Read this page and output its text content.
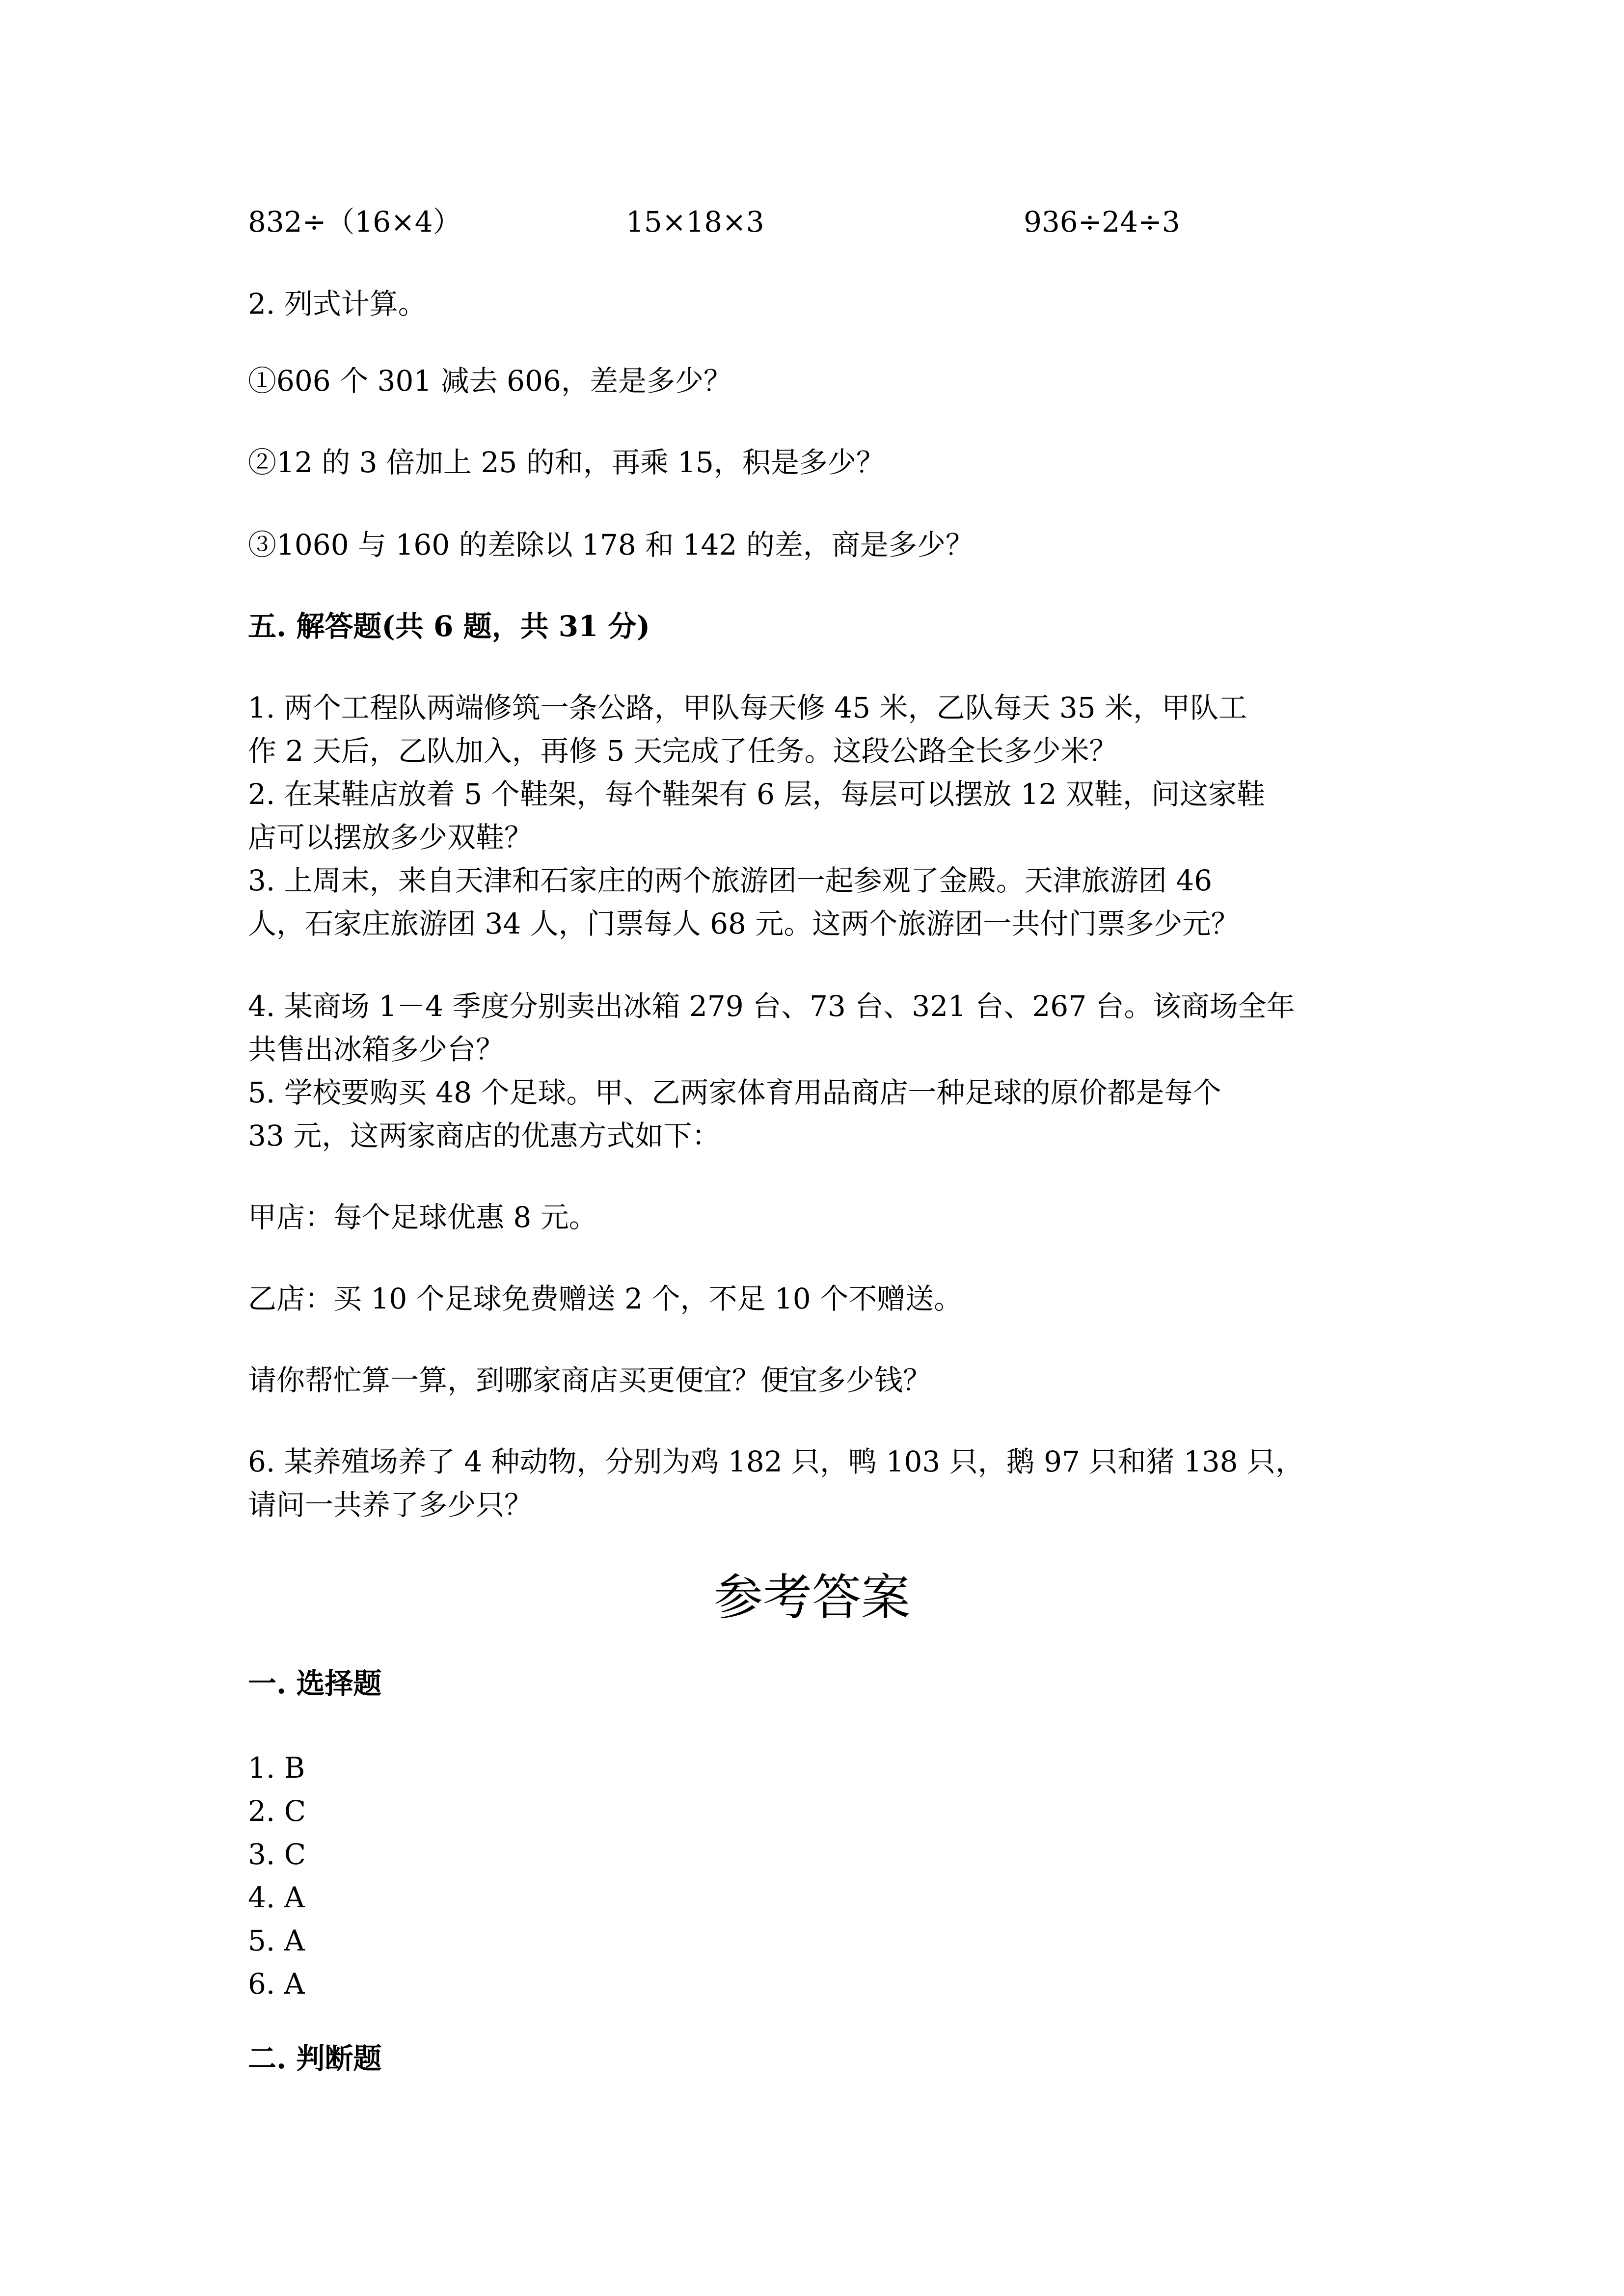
832÷（16×4）	15×18×3	936÷24÷3

2. 列式计算。

①606 个 301 减去 606，差是多少？

②12 的 3 倍加上 25 的和，再乘 15，积是多少？

③1060 与 160 的差除以 178 和 142 的差，商是多少？

五. 解答题(共 6 题，共 31 分)

1. 两个工程队两端修筑一条公路，甲队每天修 45 米，乙队每天 35 米，甲队工

作 2 天后，乙队加入，再修 5 天完成了任务。这段公路全长多少米？

2. 在某鞋店放着 5 个鞋架，每个鞋架有 6 层，每层可以摆放 12 双鞋，问这家鞋

店可以摆放多少双鞋？

3. 上周末，来自天津和石家庄的两个旅游团一起参观了金殿。天津旅游团 46

人，石家庄旅游团 34 人，门票每人 68 元。这两个旅游团一共付门票多少元？

4. 某商场 1－4 季度分别卖出冰箱 279 台、73 台、321 台、267 台。该商场全年

共售出冰箱多少台？

5. 学校要购买 48 个足球。甲、乙两家体育用品商店一种足球的原价都是每个

33 元，这两家商店的优惠方式如下：

甲店：每个足球优惠 8 元。

乙店：买 10 个足球免费赠送 2 个，不足 10 个不赠送。

请你帮忙算一算，到哪家商店买更便宜？便宜多少钱？

6. 某养殖场养了 4 种动物，分别为鸡 182 只，鸭 103 只，鹅 97 只和猪 138 只，

请问一共养了多少只？

参考答案

一. 选择题

1. B
2. C
3. C
4. A
5. A
6. A

二. 判断题
